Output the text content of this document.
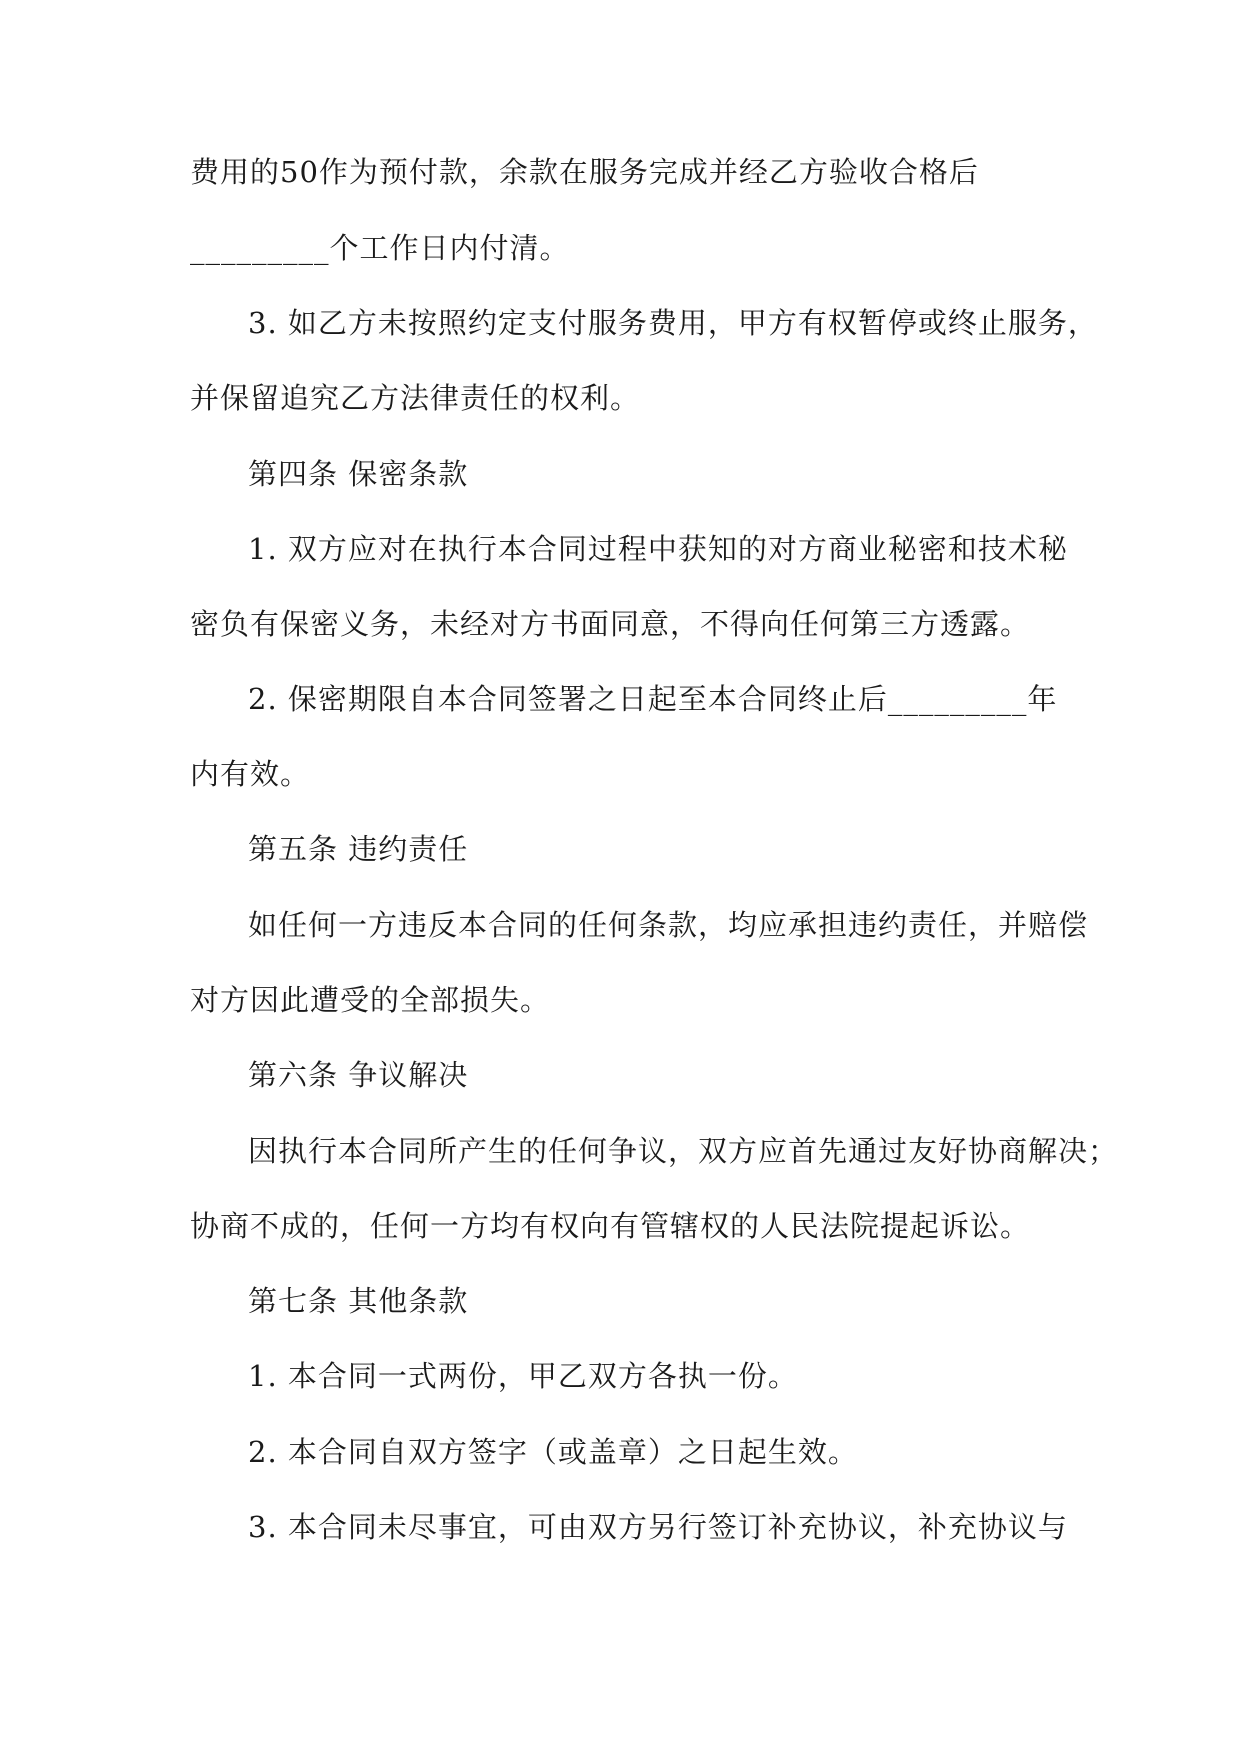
费用的50作为预付款，余款在服务完成并经乙方验收合格后
_________个工作日内付清。
3. 如乙方未按照约定支付服务费用，甲方有权暂停或终止服务，
并保留追究乙方法律责任的权利。
第四条 保密条款
1. 双方应对在执行本合同过程中获知的对方商业秘密和技术秘
密负有保密义务，未经对方书面同意，不得向任何第三方透露。
2. 保密期限自本合同签署之日起至本合同终止后_________年
内有效。
第五条 违约责任
如任何一方违反本合同的任何条款，均应承担违约责任，并赔偿
对方因此遭受的全部损失。
第六条 争议解决
因执行本合同所产生的任何争议，双方应首先通过友好协商解决；
协商不成的，任何一方均有权向有管辖权的人民法院提起诉讼。
第七条 其他条款
1. 本合同一式两份，甲乙双方各执一份。
2. 本合同自双方签字（或盖章）之日起生效。
3. 本合同未尽事宜，可由双方另行签订补充协议，补充协议与
